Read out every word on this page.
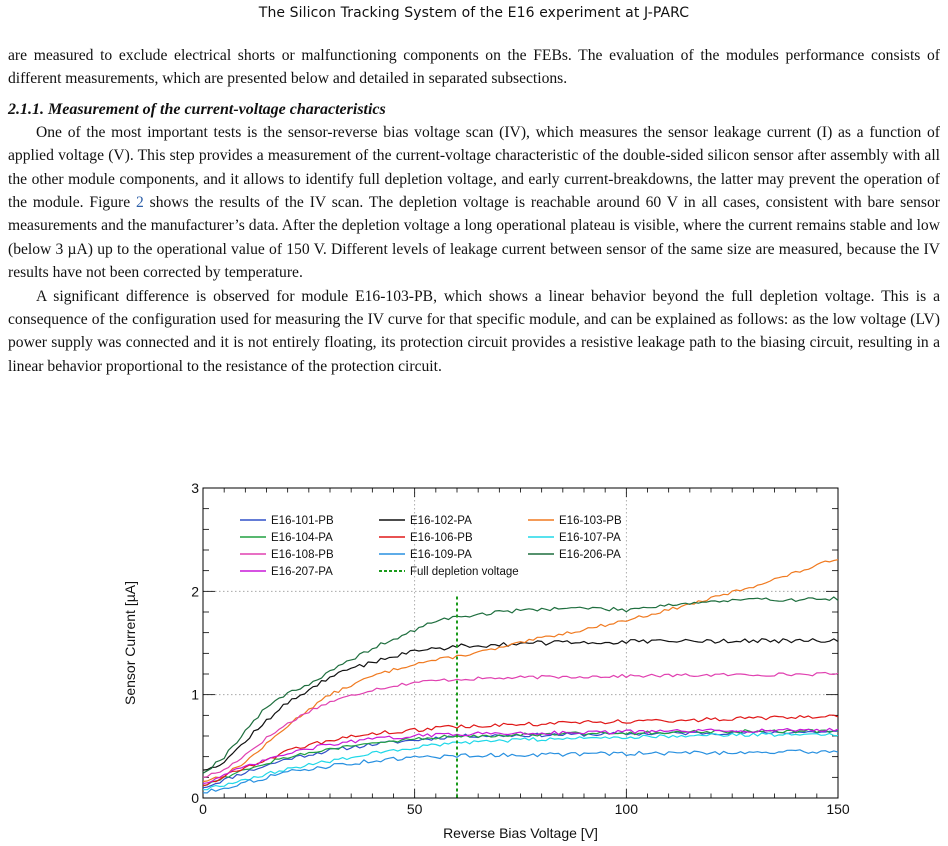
The Silicon Tracking System of the E16 experiment at J-PARC

are measured to exclude electrical shorts or malfunctioning components on the FEBs. The evaluation of the modules performance consists of different measurements, which are presented below and detailed in separated subsections.

2.1.1. Measurement of the current-voltage characteristics

One of the most important tests is the sensor-reverse bias voltage scan (IV), which measures the sensor leakage current (I) as a function of applied voltage (V). This step provides a measurement of the current-voltage characteristic of the double-sided silicon sensor after assembly with all the other module components, and it allows to identify full depletion voltage, and early current-breakdowns, the latter may prevent the operation of the module. Figure 2 shows the results of the IV scan. The depletion voltage is reachable around 60 V in all cases, consistent with bare sensor measurements and the manufacturer’s data. After the depletion voltage a long operational plateau is visible, where the current remains stable and low (below 3 µA) up to the operational value of 150 V. Different levels of leakage current between sensor of the same size are measured, because the IV results have not been corrected by temperature.

A significant difference is observed for module E16-103-PB, which shows a linear behavior beyond the full depletion voltage. This is a consequence of the configuration used for measuring the IV curve for that specific module, and can be explained as follows: as the low voltage (LV) power supply was connected and it is not entirely floating, its protection circuit provides a resistive leakage path to the biasing circuit, resulting in a linear behavior proportional to the resistance of the protection circuit.

0	50	100	150
0
1
2
3
E16-101-PB	E16-102-PA	E16-103-PB
E16-104-PA	E16-106-PB	E16-107-PA
E16-108-PB	E16-109-PA	E16-206-PA
E16-207-PA	Full depletion voltage
Reverse Bias Voltage [V]
Sensor Current [µA]
